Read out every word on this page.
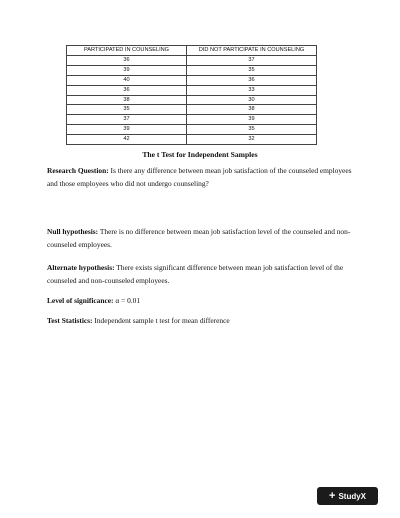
PARTICIPATED IN COUNSELING	DID NOT PARTICIPATE IN COUNSELING
36	37
39	35
40	36
36	33
38	30
35	38
37	39
39	35
42	32
The t Test for Independent Samples
Research Question: Is there any difference between mean job satisfaction of the counseled employees and those employees who did not undergo counseling?
Null hypothesis: There is no difference between mean job satisfaction level of the counseled and non-counseled employees.
Alternate hypothesis: There exists significant difference between mean job satisfaction level of the counseled and non-counseled employees.
Level of significance: α = 0.01
Test Statistics: Independent sample t test for mean difference
+ StudyX
